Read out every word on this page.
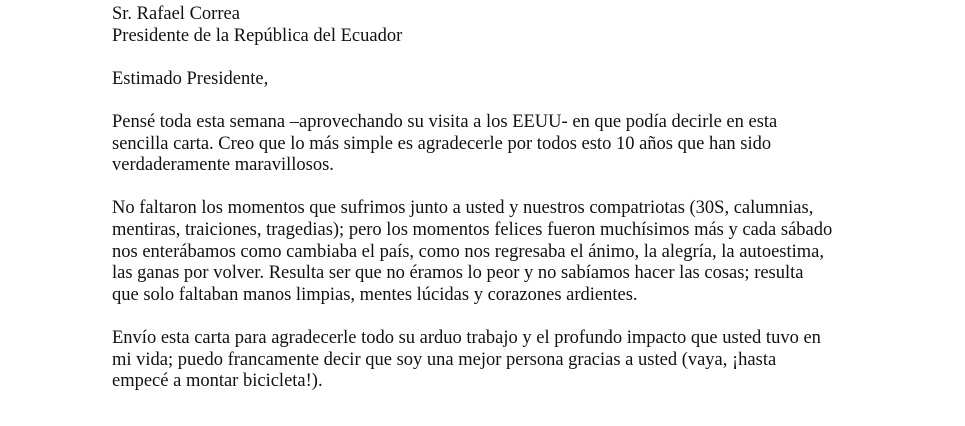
Sr. Rafael Correa
Presidente de la República del Ecuador
Estimado Presidente,
Pensé toda esta semana –aprovechando su visita a los EEUU- en que podía decirle en esta
sencilla carta. Creo que lo más simple es agradecerle por todos esto 10 años que han sido
verdaderamente maravillosos.
No faltaron los momentos que sufrimos junto a usted y nuestros compatriotas (30S, calumnias,
mentiras, traiciones, tragedias); pero los momentos felices fueron muchísimos más y cada sábado
nos enterábamos como cambiaba el país, como nos regresaba el ánimo, la alegría, la autoestima,
las ganas por volver. Resulta ser que no éramos lo peor y no sabíamos hacer las cosas; resulta
que solo faltaban manos limpias, mentes lúcidas y corazones ardientes.
Envío esta carta para agradecerle todo su arduo trabajo y el profundo impacto que usted tuvo en
mi vida; puedo francamente decir que soy una mejor persona gracias a usted (vaya, ¡hasta
empecé a montar bicicleta!).
